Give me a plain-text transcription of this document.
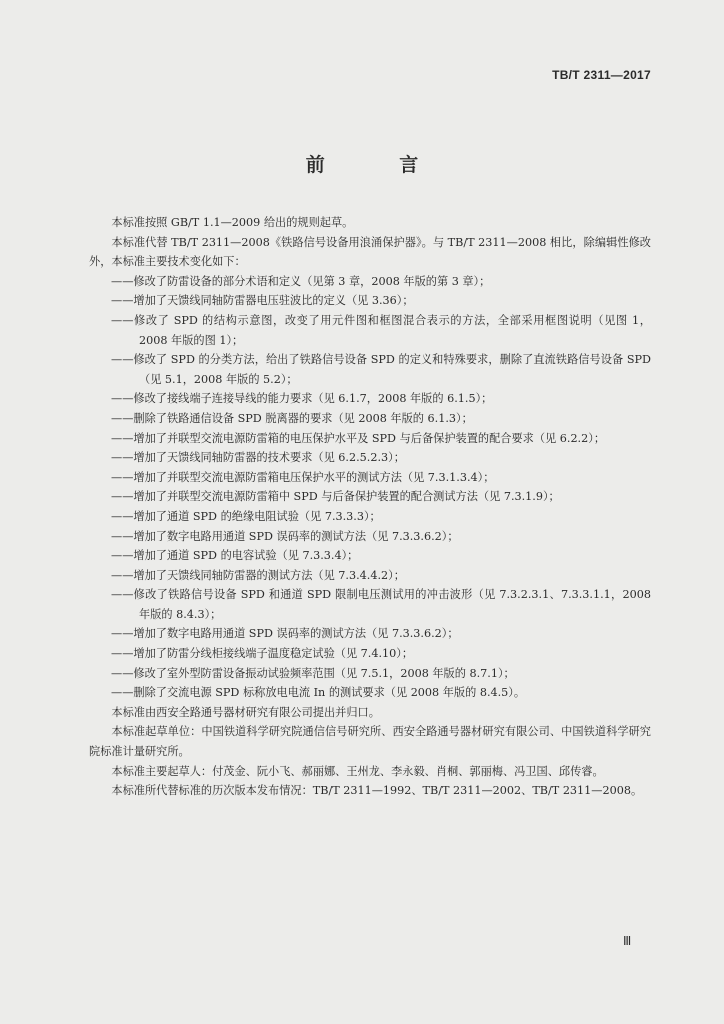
TB/T 2311—2017
前 言

本标准按照 GB/T 1.1—2009 给出的规则起草。

本标准代替 TB/T 2311—2008《铁路信号设备用浪涌保护器》。与 TB/T 2311—2008 相比，除编辑性修改外，本标准主要技术变化如下：

——修改了防雷设备的部分术语和定义（见第 3 章，2008 年版的第 3 章）；

——增加了天馈线同轴防雷器电压驻波比的定义（见 3.36）；

——修改了 SPD 的结构示意图，改变了用元件图和框图混合表示的方法，全部采用框图说明（见图 1，2008 年版的图 1）；

——修改了 SPD 的分类方法，给出了铁路信号设备 SPD 的定义和特殊要求，删除了直流铁路信号设备 SPD（见 5.1，2008 年版的 5.2）；

——修改了接线端子连接导线的能力要求（见 6.1.7，2008 年版的 6.1.5）；

——删除了铁路通信设备 SPD 脱离器的要求（见 2008 年版的 6.1.3）；

——增加了并联型交流电源防雷箱的电压保护水平及 SPD 与后备保护装置的配合要求（见 6.2.2）；

——增加了天馈线同轴防雷器的技术要求（见 6.2.5.2.3）；

——增加了并联型交流电源防雷箱电压保护水平的测试方法（见 7.3.1.3.4）；

——增加了并联型交流电源防雷箱中 SPD 与后备保护装置的配合测试方法（见 7.3.1.9）；

——增加了通道 SPD 的绝缘电阻试验（见 7.3.3.3）；

——增加了数字电路用通道 SPD 误码率的测试方法（见 7.3.3.6.2）；

——增加了通道 SPD 的电容试验（见 7.3.3.4）；

——增加了天馈线同轴防雷器的测试方法（见 7.3.4.4.2）；

——修改了铁路信号设备 SPD 和通道 SPD 限制电压测试用的冲击波形（见 7.3.2.3.1、7.3.3.1.1，2008 年版的 8.4.3）；

——增加了数字电路用通道 SPD 误码率的测试方法（见 7.3.3.6.2）；

——增加了防雷分线柜接线端子温度稳定试验（见 7.4.10）；

——修改了室外型防雷设备振动试验频率范围（见 7.5.1，2008 年版的 8.7.1）；

——删除了交流电源 SPD 标称放电电流 In 的测试要求（见 2008 年版的 8.4.5）。

本标准由西安全路通号器材研究有限公司提出并归口。

本标准起草单位：中国铁道科学研究院通信信号研究所、西安全路通号器材研究有限公司、中国铁道科学研究院标准计量研究所。

本标准主要起草人：付茂金、阮小飞、郝丽娜、王州龙、李永毅、肖桐、郭丽梅、冯卫国、邱传睿。

本标准所代替标准的历次版本发布情况：TB/T 2311—1992、TB/T 2311—2002、TB/T 2311—2008。

Ⅲ
